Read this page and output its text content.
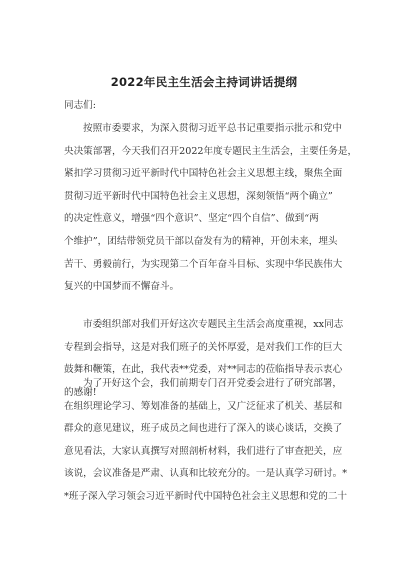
2022年民主生活会主持词讲话提纲

同志们:

按照市委要求，为深入贯彻习近平总书记重要指示批示和党中
央决策部署，今天我们召开2022年度专题民主生活会，主要任务是，
紧扣学习贯彻习近平新时代中国特色社会主义思想主线，聚焦全面
贯彻习近平新时代中国特色社会主义思想，深刻领悟“两个确立”
的决定性意义，增强“四个意识”、坚定“四个自信”、做到“两
个维护”，团结带领党员干部以奋发有为的精神，开创未来，埋头
苦干、勇毅前行，为实现第二个百年奋斗目标、实现中华民族伟大
复兴的中国梦而不懈奋斗。

市委组织部对我们开好这次专题民主生活会高度重视，xx同志
专程到会指导，这是对我们班子的关怀厚爱，是对我们工作的巨大
鼓舞和鞭策，在此，我代表**党委，对**同志的莅临指导表示衷心
的感谢!

为了开好这个会，我们前期专门召开党委会进行了研究部署，
在组织理论学习、筹划准备的基础上，又广泛征求了机关、基层和
群众的意见建议，班子成员之间也进行了深入的谈心谈话，交换了
意见看法，大家认真撰写对照剖析材料，我们进行了审查把关，应
该说，会议准备是严肃、认真和比较充分的。一是认真学习研讨。*
*班子深入学习领会习近平新时代中国特色社会主义思想和党的二十
